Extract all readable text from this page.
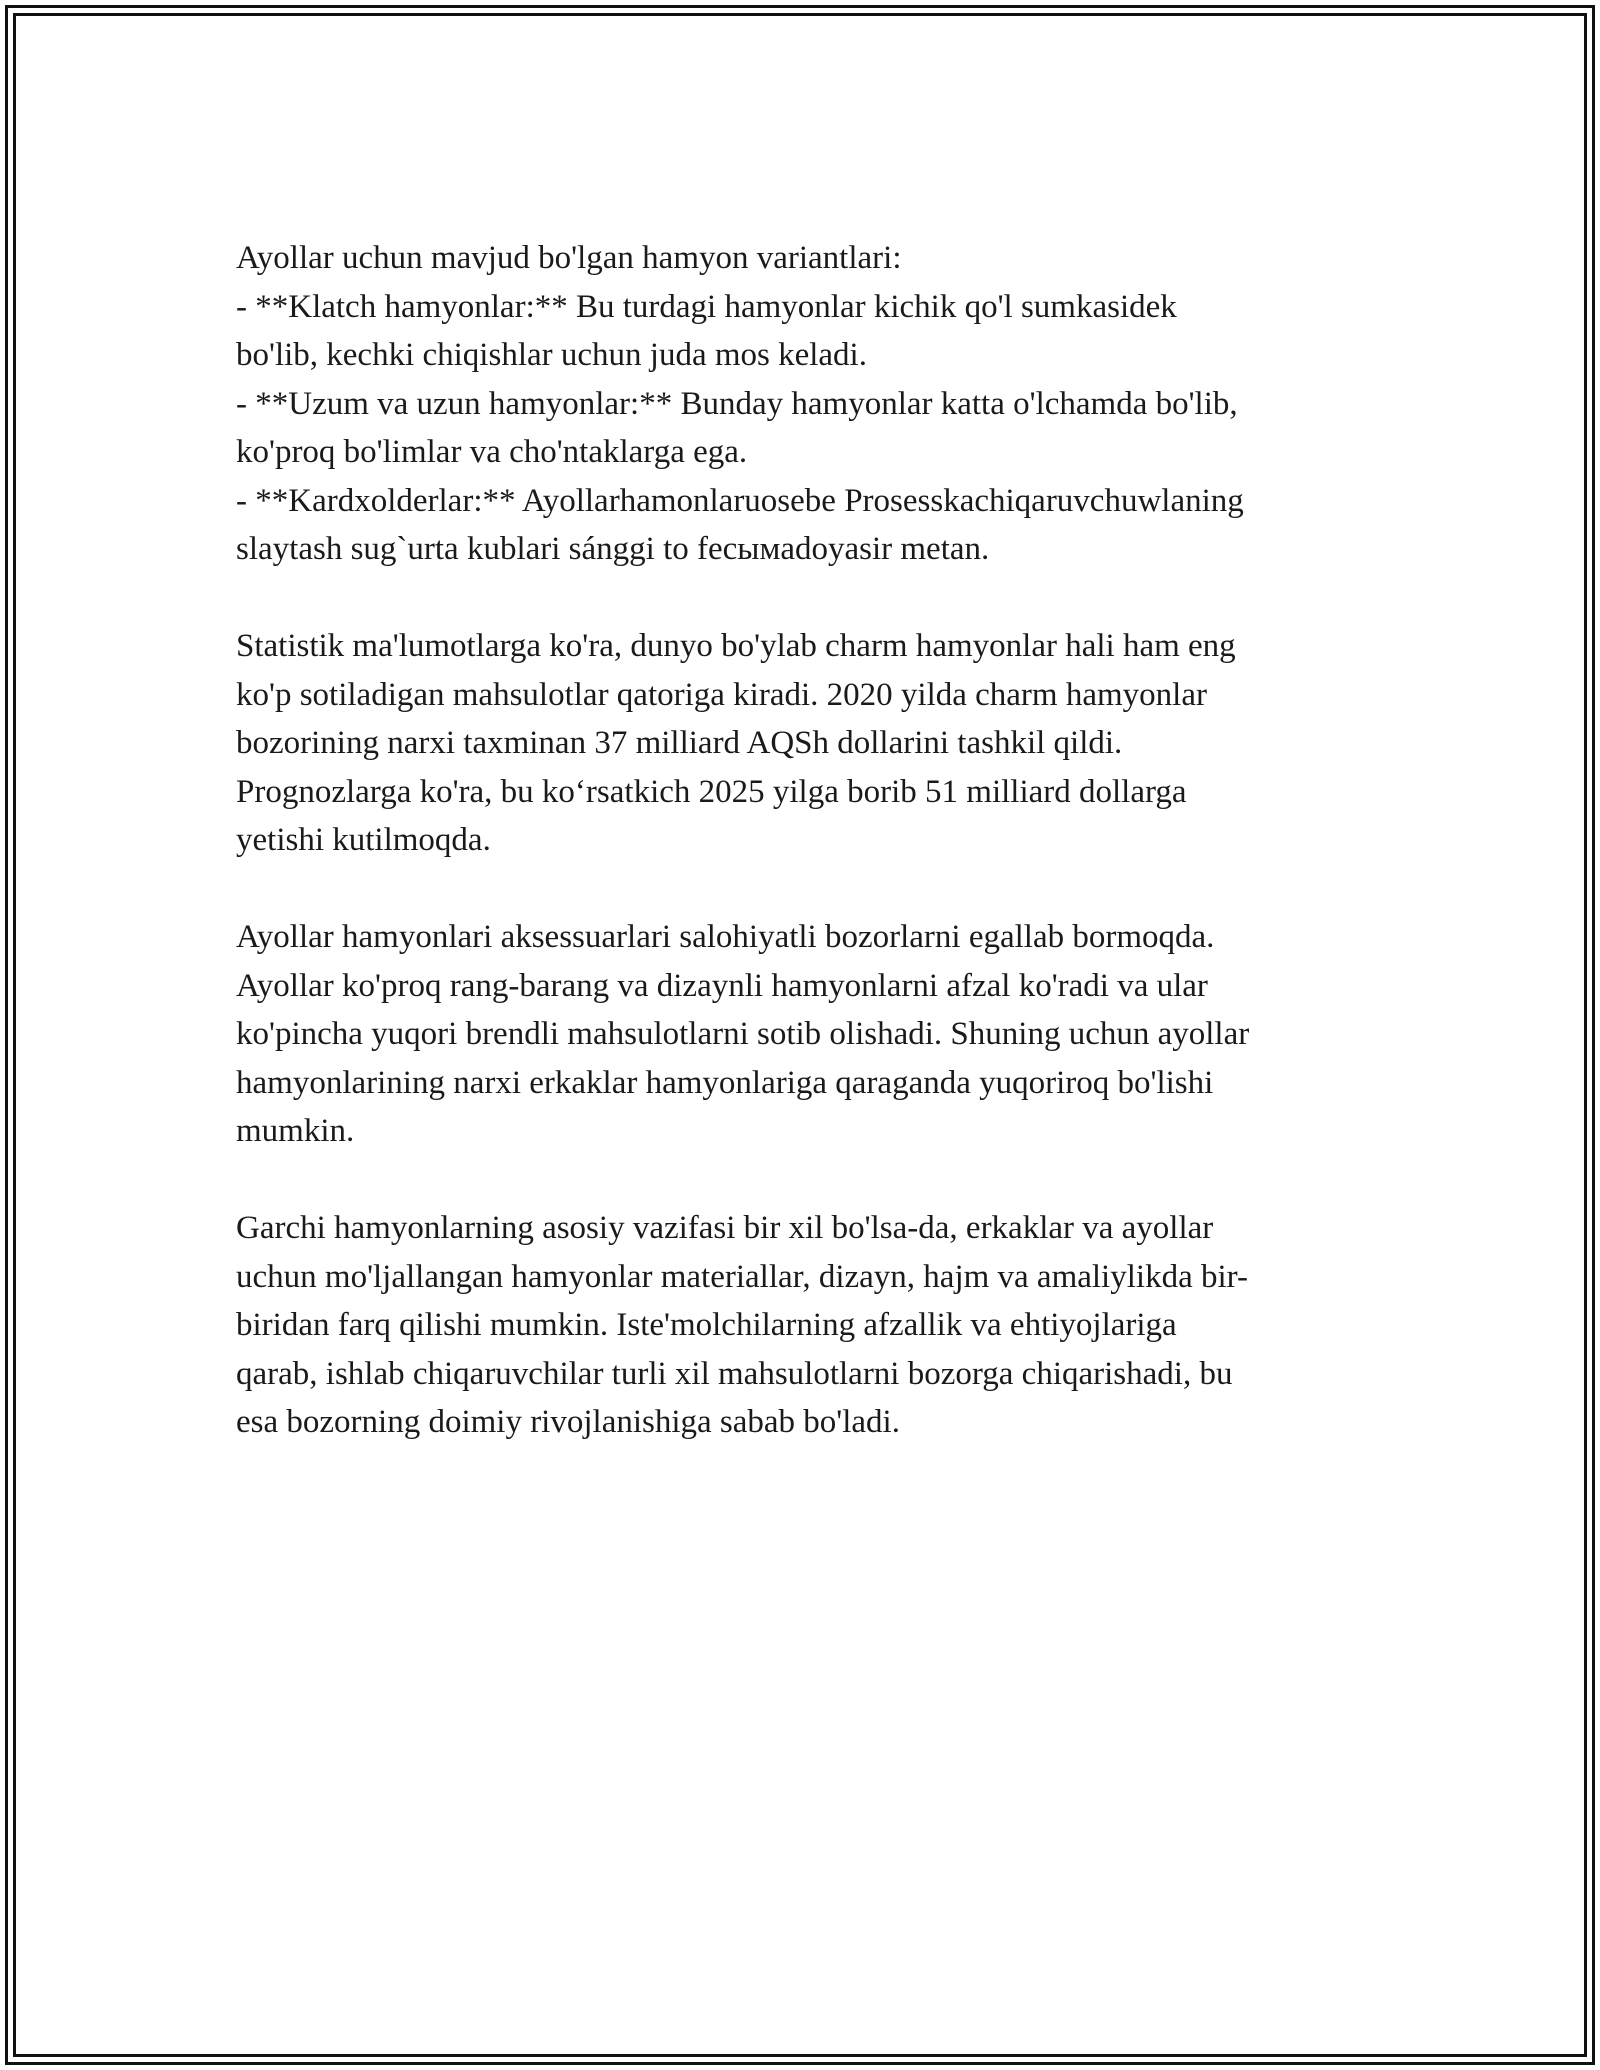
Ayollar uchun mavjud bo'lgan hamyon variantlari:
- **Klatch hamyonlar:** Bu turdagi hamyonlar kichik qo'l sumkasidek
bo'lib, kechki chiqishlar uchun juda mos keladi.
- **Uzum va uzun hamyonlar:** Bunday hamyonlar katta o'lchamda bo'lib,
ko'proq bo'limlar va cho'ntaklarga ega.
- **Kardxolderlar:** Ayollarhamonlaruosebe Prosesskachiqaruvchuwlaning
slaytash sug`urta kublari sánggi to fecымadoyasir metan.

Statistik ma'lumotlarga ko'ra, dunyo bo'ylab charm hamyonlar hali ham eng
ko'p sotiladigan mahsulotlar qatoriga kiradi. 2020 yilda charm hamyonlar
bozorining narxi taxminan 37 milliard AQSh dollarini tashkil qildi.
Prognozlarga ko'ra, bu koʻrsatkich 2025 yilga borib 51 milliard dollarga
yetishi kutilmoqda.

Ayollar hamyonlari aksessuarlari salohiyatli bozorlarni egallab bormoqda.
Ayollar ko'proq rang-barang va dizaynli hamyonlarni afzal ko'radi va ular
ko'pincha yuqori brendli mahsulotlarni sotib olishadi. Shuning uchun ayollar
hamyonlarining narxi erkaklar hamyonlariga qaraganda yuqoriroq bo'lishi
mumkin.

Garchi hamyonlarning asosiy vazifasi bir xil bo'lsa-da, erkaklar va ayollar
uchun mo'ljallangan hamyonlar materiallar, dizayn, hajm va amaliylikda bir-
biridan farq qilishi mumkin. Iste'molchilarning afzallik va ehtiyojlariga
qarab, ishlab chiqaruvchilar turli xil mahsulotlarni bozorga chiqarishadi, bu
esa bozorning doimiy rivojlanishiga sabab bo'ladi.
